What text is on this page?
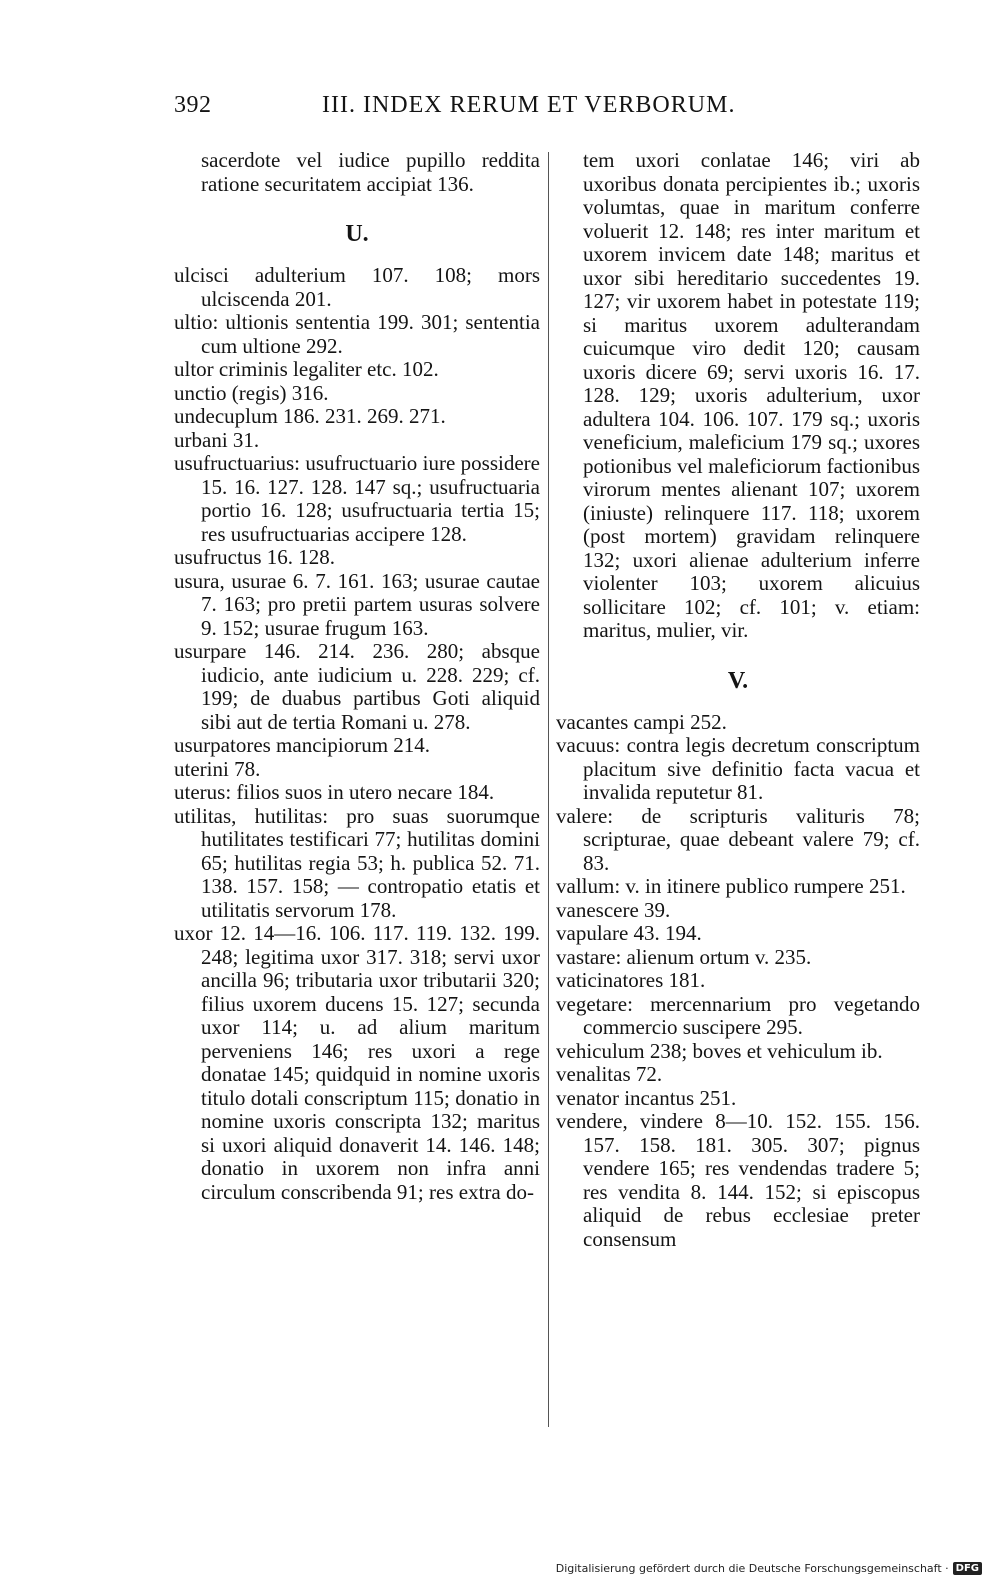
392	III. INDEX RERUM ET VERBORUM.

sacerdote vel iudice pupillo reddita ratione securitatem accipiat 136.

U.

ulcisci adulterium 107. 108; mors ulciscenda 201.

ultio: ultionis sententia 199. 301; sententia cum ultione 292.

ultor criminis legaliter etc. 102.

unctio (regis) 316.

undecuplum 186. 231. 269. 271.

urbani 31.

usufructuarius: usufructuario iure possidere 15. 16. 127. 128. 147 sq.; usufructuaria portio 16. 128; usufructuaria tertia 15; res usufructuarias accipere 128.

usufructus 16. 128.

usura, usurae 6. 7. 161. 163; usurae cautae 7. 163; pro pretii partem usuras solvere 9. 152; usurae frugum 163.

usurpare 146. 214. 236. 280; absque iudicio, ante iudicium u. 228. 229; cf. 199; de duabus partibus Goti aliquid sibi aut de tertia Romani u. 278.

usurpatores mancipiorum 214.

uterini 78.

uterus: filios suos in utero necare 184.

utilitas, hutilitas: pro suas suorumque hutilitates testificari 77; hutilitas domini 65; hutilitas regia 53; h. publica 52. 71. 138. 157. 158; — contropatio etatis et utilitatis servorum 178.

uxor 12. 14—16. 106. 117. 119. 132. 199. 248; legitima uxor 317. 318; servi uxor ancilla 96; tributaria uxor tributarii 320; filius uxorem ducens 15. 127; secunda uxor 114; u. ad alium maritum perveniens 146; res uxori a rege donatae 145; quidquid in nomine uxoris titulo dotali conscriptum 115; donatio in nomine uxoris conscripta 132; maritus si uxori aliquid donaverit 14. 146. 148; donatio in uxorem non infra anni circulum conscribenda 91; res extra do-

tem uxori conlatae 146; viri ab uxoribus donata percipientes ib.; uxoris volumtas, quae in maritum conferre voluerit 12. 148; res inter maritum et uxorem invicem date 148; maritus et uxor sibi hereditario succedentes 19. 127; vir uxorem habet in potestate 119; si maritus uxorem adulterandam cuicumque viro dedit 120; causam uxoris dicere 69; servi uxoris 16. 17. 128. 129; uxoris adulterium, uxor adultera 104. 106. 107. 179 sq.; uxoris veneficium, maleficium 179 sq.; uxores potionibus vel maleficiorum factionibus virorum mentes alienant 107; uxorem (iniuste) relinquere 117. 118; uxorem (post mortem) gravidam relinquere 132; uxori alienae adulterium inferre violenter 103; uxorem alicuius sollicitare 102; cf. 101; v. etiam: maritus, mulier, vir.

V.

vacantes campi 252.

vacuus: contra legis decretum conscriptum placitum sive definitio facta vacua et invalida reputetur 81.

valere: de scripturis valituris 78; scripturae, quae debeant valere 79; cf. 83.

vallum: v. in itinere publico rumpere 251.

vanescere 39.

vapulare 43. 194.

vastare: alienum ortum v. 235.

vaticinatores 181.

vegetare: mercennarium pro vegetando commercio suscipere 295.

vehiculum 238; boves et vehiculum ib.

venalitas 72.

venator incantus 251.

vendere, vindere 8—10. 152. 155. 156. 157. 158. 181. 305. 307; pignus vendere 165; res vendendas tradere 5; res vendita 8. 144. 152; si episcopus aliquid de rebus ecclesiae preter consensum

Digitalisierung gefördert durch die Deutsche Forschungsgemeinschaft · DFG
